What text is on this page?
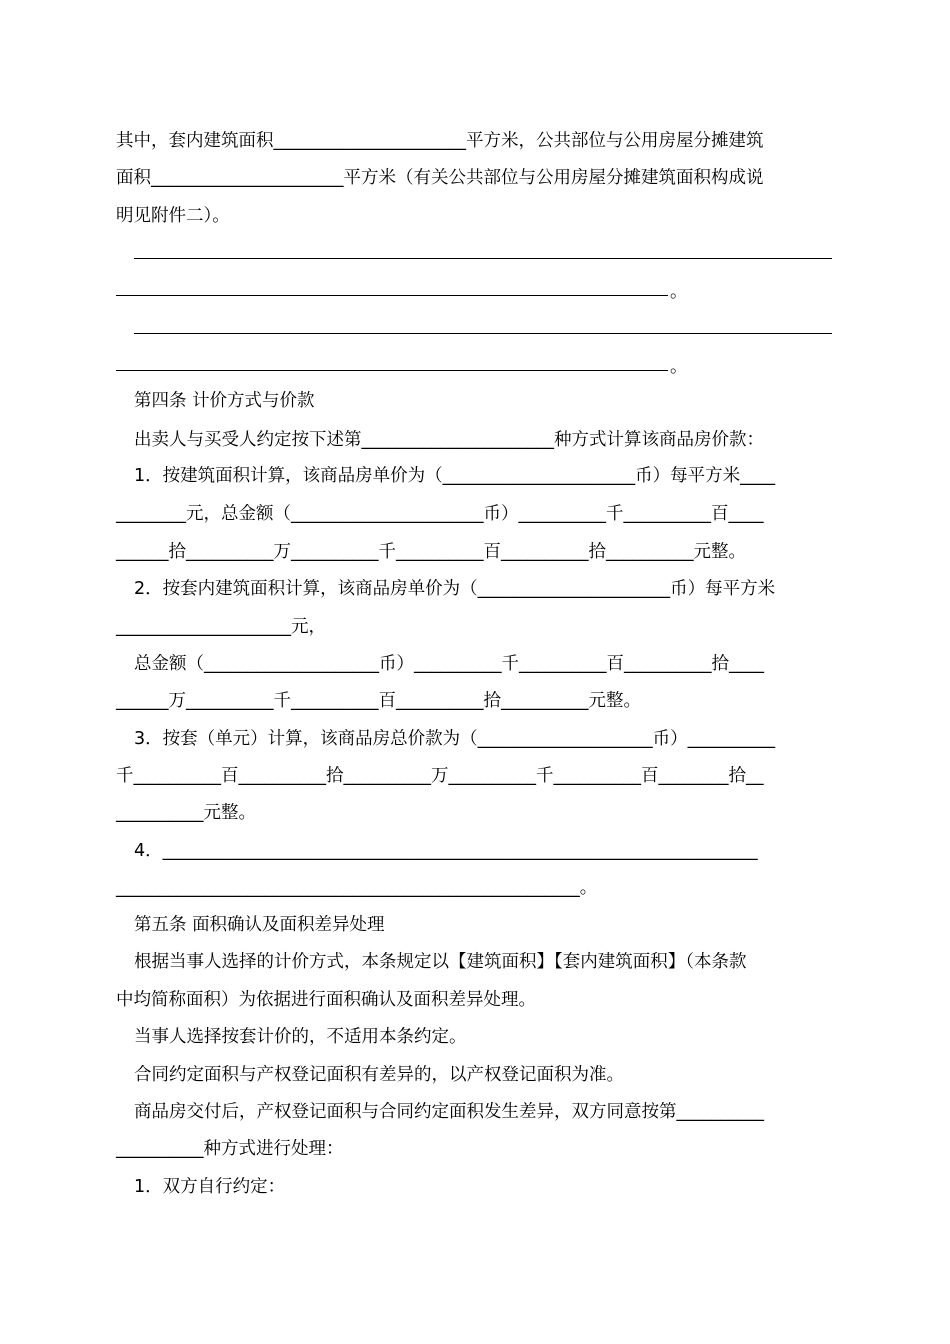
其中，套内建筑面积______________________平方米，公共部位与公用房屋分摊建筑
面积______________________平方米（有关公共部位与公用房屋分摊建筑面积构成说
明见附件二）。
。
。
第四条 计价方式与价款
出卖人与买受人约定按下述第______________________种方式计算该商品房价款：
1．按建筑面积计算，该商品房单价为（______________________币）每平方米____
________元，总金额（______________________币）__________千__________百____
______拾__________万__________千__________百__________拾__________元整。
2．按套内建筑面积计算，该商品房单价为（______________________币）每平方米
____________________元，
总金额（____________________币）__________千__________百__________拾____
______万__________千__________百__________拾__________元整。
3．按套（单元）计算，该商品房总价款为（____________________币）__________
千__________百__________拾__________万__________千__________百________拾__
__________元整。
4．____________________________________________________________________
_____________________________________________________。
第五条 面积确认及面积差异处理
根据当事人选择的计价方式，本条规定以【建筑面积】【套内建筑面积】（本条款
中均简称面积）为依据进行面积确认及面积差异处理。
当事人选择按套计价的，不适用本条约定。
合同约定面积与产权登记面积有差异的，以产权登记面积为准。
商品房交付后，产权登记面积与合同约定面积发生差异，双方同意按第__________
__________种方式进行处理：
1．双方自行约定：
